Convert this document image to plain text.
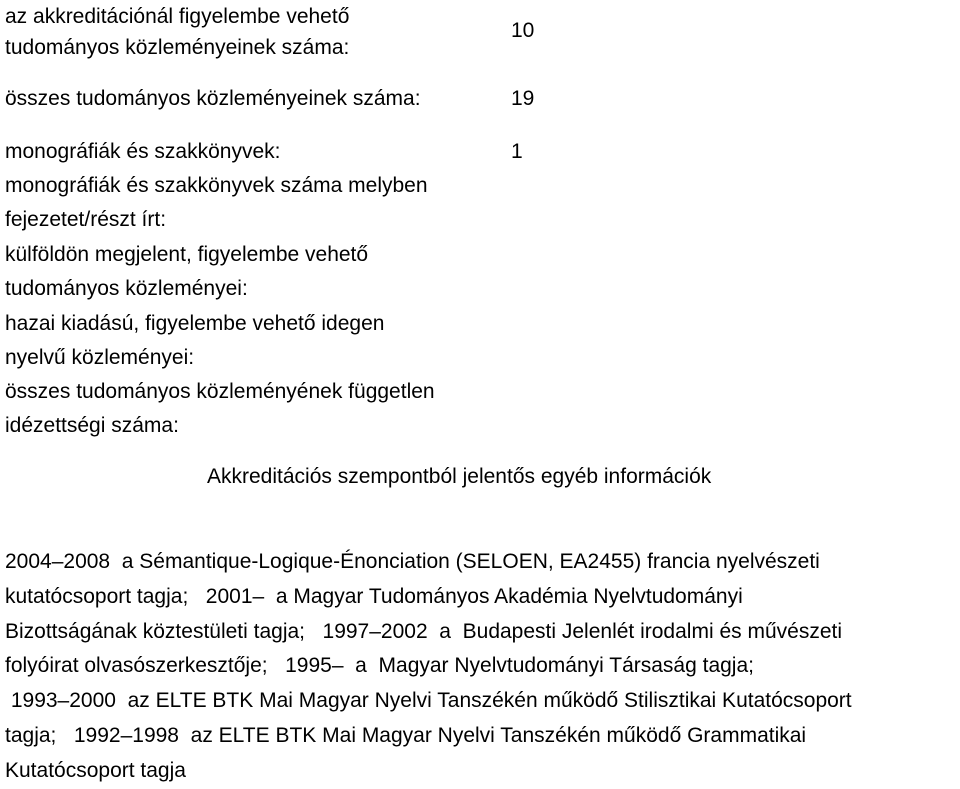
az akkreditációnál figyelembe vehető
tudományos közleményeinek száma:
10
összes tudományos közleményeinek száma:	19
monográfiák és szakkönyvek:	1
monográfiák és szakkönyvek száma melyben
fejezetet/részt írt:
külföldön megjelent, figyelembe vehető
tudományos közleményei:
hazai kiadású, figyelembe vehető idegen
nyelvű közleményei:
összes tudományos közleményének független
idézettségi száma:
Akkreditációs szempontból jelentős egyéb információk
2004–2008  a Sémantique-Logique-Énonciation (SELOEN, EA2455) francia nyelvészeti
kutatócsoport tagja;   2001–  a Magyar Tudományos Akadémia Nyelvtudományi
Bizottságának köztestületi tagja;   1997–2002  a  Budapesti Jelenlét irodalmi és művészeti
folyóirat olvasószerkesztője;   1995–  a  Magyar Nyelvtudományi Társaság tagja;
1993–2000  az ELTE BTK Mai Magyar Nyelvi Tanszékén működő Stilisztikai Kutatócsoport
tagja;   1992–1998  az ELTE BTK Mai Magyar Nyelvi Tanszékén működő Grammatikai
Kutatócsoport tagja
